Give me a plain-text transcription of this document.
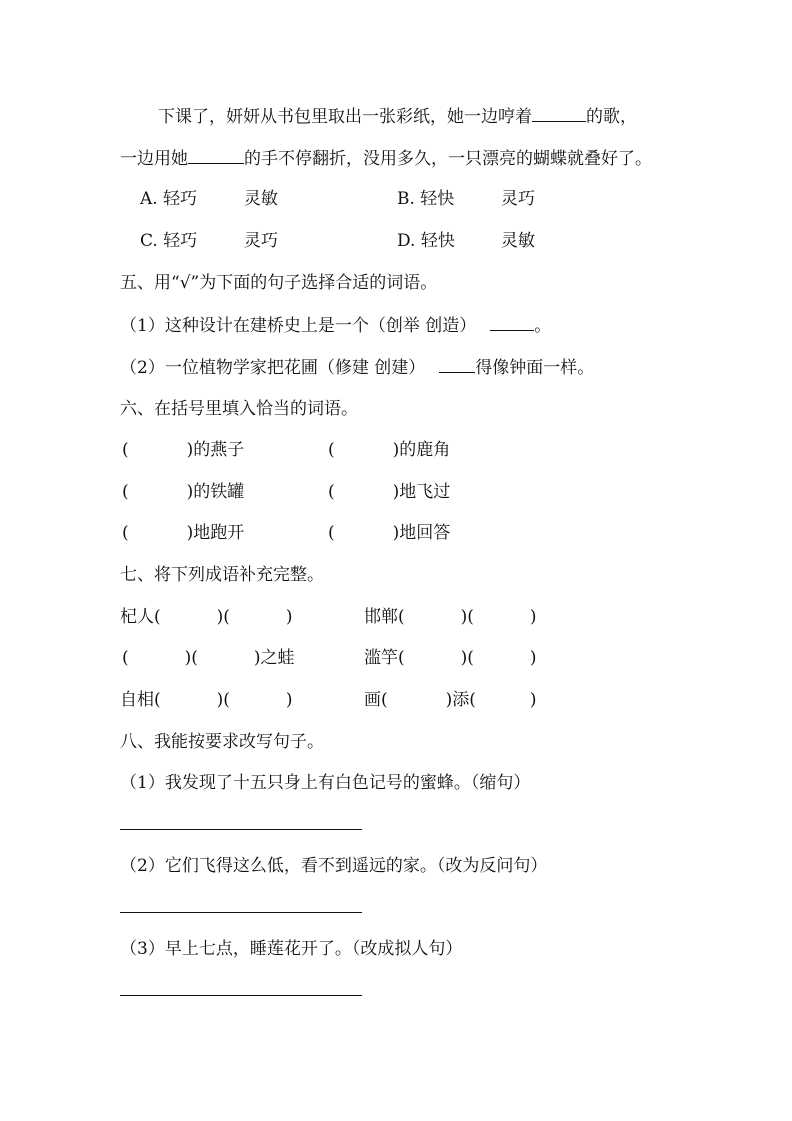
下课了，妍妍从书包里取出一张彩纸，她一边哼着	的歌，
一边用她	的手不停翻折，没用多久，一只漂亮的蝴蝶就叠好了。
A. 轻巧	灵敏	B. 轻快	灵巧
C. 轻巧	灵巧	D. 轻快	灵敏
五、用“√”为下面的句子选择合适的词语。
（1）这种设计在建桥史上是一个（创举 创造）	。
（2）一位植物学家把花圃（修建 创建）	得像钟面一样。
六、在括号里填入恰当的词语。
(	)的燕子	(	)的鹿角
(	)的铁罐	(	)地飞过
(	)地跑开	(	)地回答
七、将下列成语补充完整。
杞人(	)(	)	邯郸(	)(	)
(	)(	)之蛙	滥竽(	)(	)
自相(	)(	)	画(	)添(	)
八、我能按要求改写句子。
（1）我发现了十五只身上有白色记号的蜜蜂。（缩句）
（2）它们飞得这么低，看不到遥远的家。（改为反问句）
（3）早上七点，睡莲花开了。（改成拟人句）
